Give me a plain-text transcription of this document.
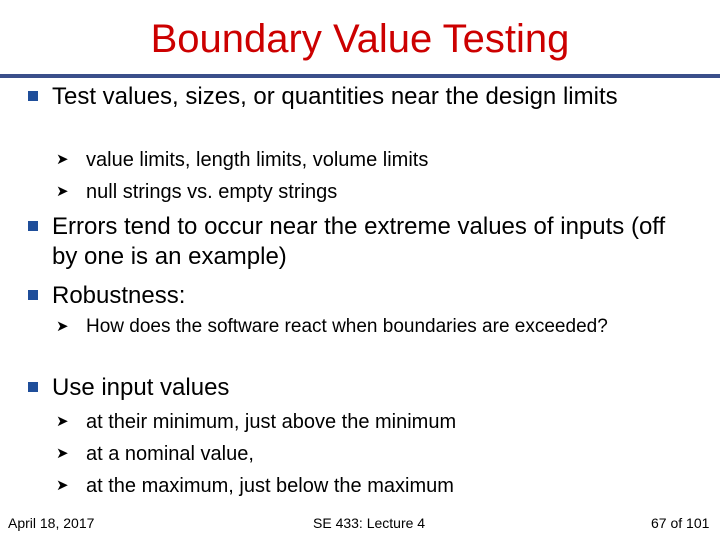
Boundary Value Testing
Test values, sizes, or quantities near the design limits
➤ value limits, length limits, volume limits
➤ null strings vs. empty strings
Errors tend to occur near the extreme values of inputs (off by one is an example)
Robustness:
➤ How does the software react when boundaries are exceeded?
Use input values
➤ at their minimum, just above the minimum
➤ at a nominal value,
➤ at the maximum, just below the maximum
April 18, 2017	SE 433: Lecture 4	67 of 101
